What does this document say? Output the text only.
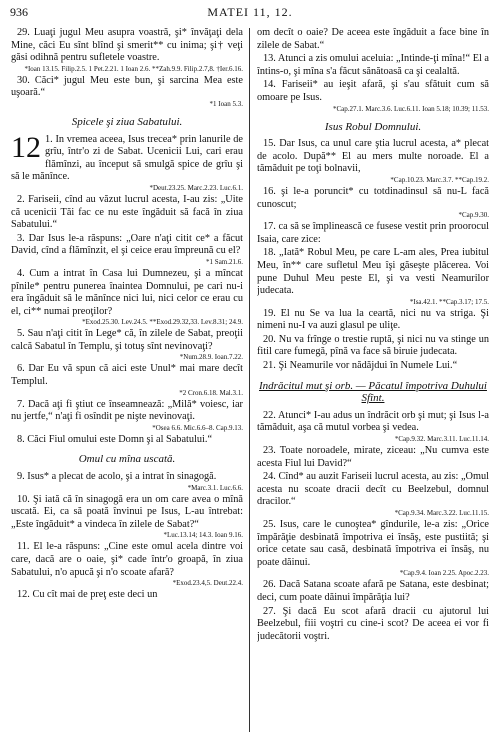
936	MATEI 11, 12.

29. Luaţi jugul Meu asupra voastră, şi* învăţaţi dela Mine, căci Eu sînt blînd şi smerit** cu inima; şi† veţi găsi odihnă pentru sufletele voastre.
*Ioan 13.15. Filip.2.5. 1 Pet.2.21. 1 Ioan 2.6. **Zah.9.9. Filip.2.7,8. †Ier.6.16.

30. Căci* jugul Meu este bun, şi sarcina Mea este uşoară.“
*1 Ioan 5.3.

Spicele şi ziua Sabatului.

12 1. In vremea aceea, Isus trecea* prin lanurile de grîu, într'o zi de Sabat. Ucenicii Lui, cari erau flămînzi, au început să smulgă spice de grîu şi să le mănînce.
*Deut.23.25. Marc.2.23. Luc.6.1.

2. Fariseii, cînd au văzut lucrul acesta, I-au zis: „Uite că ucenicii Tăi fac ce nu este îngăduit să facă în ziua Sabatului.“

3. Dar Isus le-a răspuns: „Oare n'aţi citit ce* a făcut David, cînd a flămînzit, el şi ceice erau împreună cu el?
*1 Sam.21.6.

4. Cum a intrat în Casa lui Dumnezeu, şi a mîncat pînile* pentru punerea înaintea Domnului, pe cari nu-i era îngăduit să le mănînce nici lui, nici celor ce erau cu el, ci** numai preoţilor?
*Exod.25.30. Lev.24.5. **Exod.29.32,33. Lev.8.31; 24.9.

5. Sau n'aţi citit în Lege* că, în zilele de Sabat, preoţii calcă Sabatul în Templu, şi totuş sînt nevinovaţi?
*Num.28.9. Ioan.7.22.

6. Dar Eu vă spun că aici este Unul* mai mare decît Templul.
*2 Cron.6.18. Mal.3.1.

7. Dacă aţi fi ştiut ce înseamnează: „Milă* voiesc, iar nu jertfe,“ n'aţi fi osîndit pe nişte nevinovaţi.
*Osea 6.6. Mic.6.6–8. Cap.9.13.

8. Căci Fiul omului este Domn şi al Sabatului.“

Omul cu mîna uscată.

9. Isus* a plecat de acolo, şi a intrat în sinagogă.
*Marc.3.1. Luc.6.6.

10. Şi iată că în sinagogă era un om care avea o mînă uscată. Ei, ca să poată învinui pe Isus, L-au întrebat: „Este îngăduit* a vindeca în zilele de Sabat?“
*Luc.13.14; 14.3. Ioan 9.16.

11. El le-a răspuns: „Cine este omul acela dintre voi care, dacă are o oaie, şi* cade într'o groapă, în ziua Sabatului, n'o apucă şi n'o scoate afară?
*Exod.23.4,5. Deut.22.4.

12. Cu cît mai de preţ este deci un

om decît o oaie? De aceea este îngăduit a face bine în zilele de Sabat.“

13. Atunci a zis omului aceluia: „Intinde-ţi mîna!“ El a întins-o, şi mîna s'a făcut sănătoasă ca şi cealaltă.

14. Fariseii* au ieşit afară, şi s'au sfătuit cum să omoare pe Isus.
*Cap.27.1. Marc.3.6. Luc.6.11. Ioan 5.18; 10.39; 11.53.

Isus Robul Domnului.

15. Dar Isus, ca unul care ştia lucrul acesta, a* plecat de acolo. După** El au mers multe noroade. El a tămăduit pe toţi bolnavii,
*Cap.10.23. Marc.3.7. **Cap.19.2.

16. şi le-a poruncit* cu totdinadinsul să nu-L facă cunoscut;
*Cap.9.30.

17. ca să se împlinească ce fusese vestit prin proorocul Isaia, care zice:

18. „Iată* Robul Meu, pe care L-am ales, Prea iubitul Meu, în** care sufletul Meu îşi găseşte plăcerea. Voi pune Duhul Meu peste El, şi va vesti Neamurilor judecata.
*Isa.42.1. **Cap.3.17; 17.5.

19. El nu Se va lua la ceartă, nici nu va striga. Şi nimeni nu-I va auzi glasul pe uliţe.

20. Nu va frînge o trestie ruptă, şi nici nu va stinge un fitil care fumegă, pînă va face să biruie judecata.

21. Şi Neamurile vor nădăjdui în Numele Lui.“

Indrăcitul mut şi orb. — Păcatul împotriva Duhului Sfînt.

22. Atunci* I-au adus un îndrăcit orb şi mut; şi Isus l-a tămăduit, aşa că mutul vorbea şi vedea.
*Cap.9.32. Marc.3.11. Luc.11.14.

23. Toate noroadele, mirate, ziceau: „Nu cumva este acesta Fiul lui David?“

24. Cînd* au auzit Fariseii lucrul acesta, au zis: „Omul acesta nu scoate dracii decît cu Beelzebul, domnul dracilor.“
*Cap.9.34. Marc.3.22. Luc.11.15.

25. Isus, care le cunoştea* gîndurile, le-a zis: „Orice împărăţie desbinată împotriva ei însăş, este pustiită; şi orice cetate sau casă, desbinată împotriva ei însăş, nu poate dăinui.
*Cap.9.4. Ioan 2.25. Apoc.2.23.

26. Dacă Satana scoate afară pe Satana, este desbinat; deci, cum poate dăinui împărăţia lui?

27. Şi dacă Eu scot afară dracii cu ajutorul lui Beelzebul, fiii voştri cu cine-i scot? De aceea ei vor fi judecătorii voştri.
